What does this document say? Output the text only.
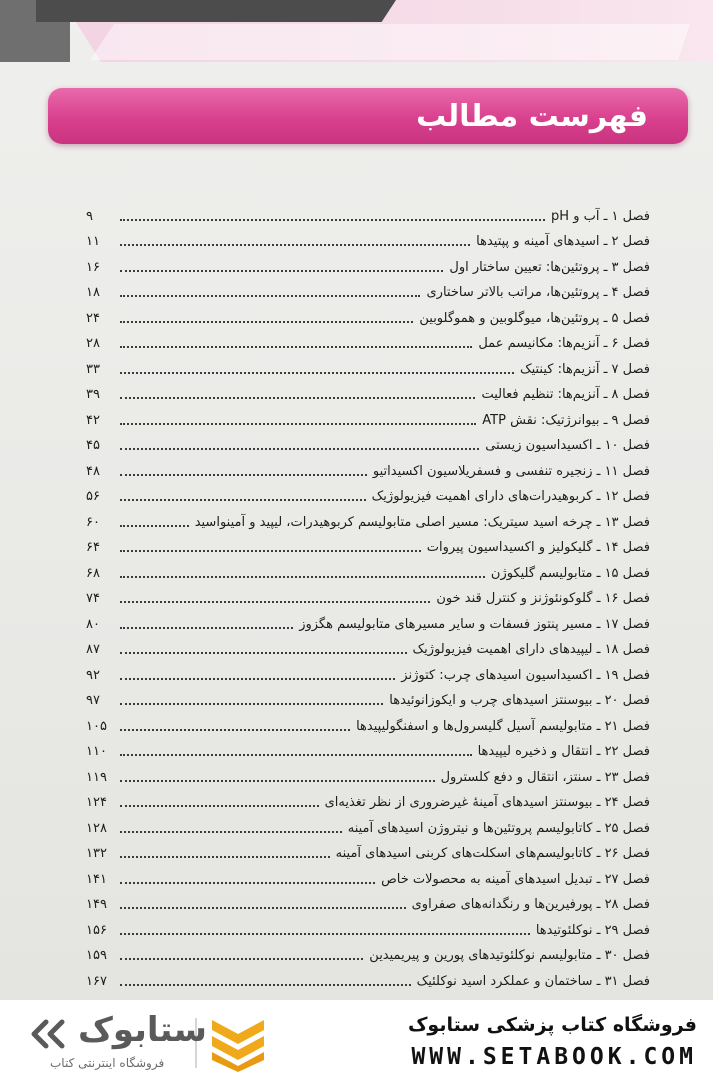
فهرست مطالب
فصل ۱ ـ آب و pH
۹
فصل ۲ ـ اسیدهای آمینه و پپتیدها
۱۱
فصل ۳ ـ پروتئین‌ها: تعیین ساختار اول
۱۶
فصل ۴ ـ پروتئین‌ها، مراتب بالاتر ساختاری
۱۸
فصل ۵ ـ پروتئین‌ها، میوگلوبین و هموگلوبین
۲۴
فصل ۶ ـ آنزیم‌ها: مکانیسم عمل
۲۸
فصل ۷ ـ آنزیم‌ها: کینتیک
۳۳
فصل ۸ ـ آنزیم‌ها: تنظیم فعالیت
۳۹
فصل ۹ ـ بیوانرژتیک: نقش ATP
۴۲
فصل ۱۰ ـ اکسیداسیون زیستی
۴۵
فصل ۱۱ ـ زنجیره تنفسی و فسفریلاسیون اکسیداتیو
۴۸
فصل ۱۲ ـ کربوهیدرات‌های دارای اهمیت فیزیولوژیک
۵۶
فصل ۱۳ ـ چرخه اسید سیتریک: مسیر اصلی متابولیسم کربوهیدرات، لیپید و آمینواسید
۶۰
فصل ۱۴ ـ گلیکولیز و اکسیداسیون پیروات
۶۴
فصل ۱۵ ـ متابولیسم گلیکوژن
۶۸
فصل ۱۶ ـ گلوکونئوژنز و کنترل قند خون
۷۴
فصل ۱۷ ـ مسیر پنتوز فسفات و سایر مسیرهای متابولیسم هگزوز
۸۰
فصل ۱۸ ـ لیپیدهای دارای اهمیت فیزیولوژیک
۸۷
فصل ۱۹ ـ اکسیداسیون اسیدهای چرب: کتوژنز
۹۲
فصل ۲۰ ـ بیوسنتز اسیدهای چرب و ایکوزانوئیدها
۹۷
فصل ۲۱ ـ متابولیسم آسیل گلیسرول‌ها و اسفنگولیپیدها
۱۰۵
فصل ۲۲ ـ انتقال و ذخیره لیپیدها
۱۱۰
فصل ۲۳ ـ سنتز، انتقال و دفع کلسترول
۱۱۹
فصل ۲۴ ـ بیوسنتز اسیدهای آمینهٔ غیرضروری از نظر تغذیه‌ای
۱۲۴
فصل ۲۵ ـ کاتابولیسم پروتئین‌ها و نیتروژن اسیدهای آمینه
۱۲۸
فصل ۲۶ ـ کاتابولیسم‌های اسکلت‌های کربنی اسیدهای آمینه
۱۳۲
فصل ۲۷ ـ تبدیل اسیدهای آمینه به محصولات خاص
۱۴۱
فصل ۲۸ ـ پورفیرین‌ها و رنگدانه‌های صفراوی
۱۴۹
فصل ۲۹ ـ نوکلئوتیدها
۱۵۶
فصل ۳۰ ـ متابولیسم نوکلئوتیدهای پورین و پیریمیدین
۱۵۹
فصل ۳۱ ـ ساختمان و عملکرد اسید نوکلئیک
۱۶۷
ستابوک
فروشگاه اینترنتی کتاب
فروشگاه کتاب پزشکی ستابوک
WWW.SETABOOK.COM
